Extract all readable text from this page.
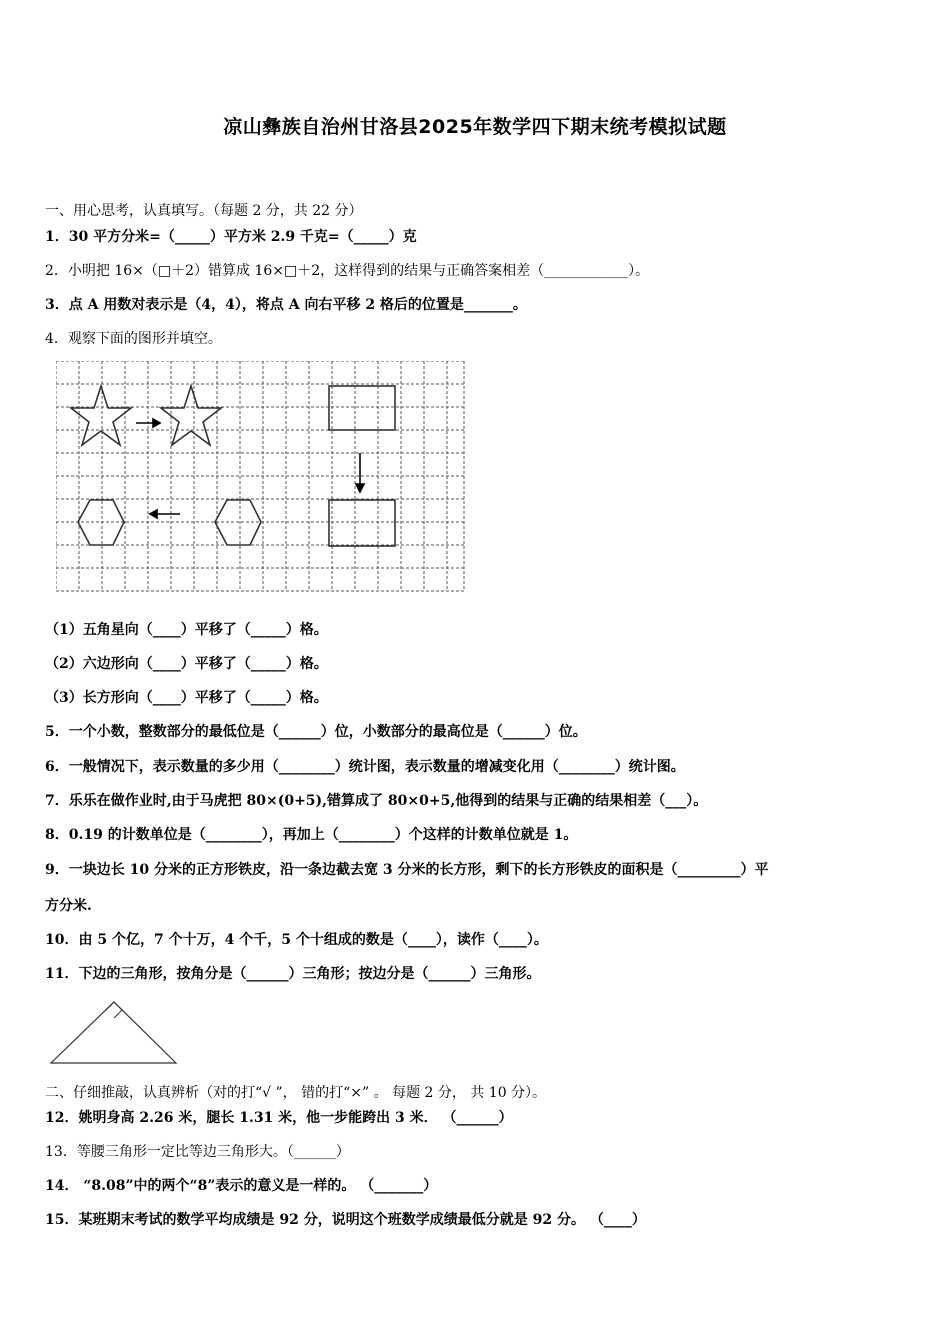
凉山彝族自治州甘洛县2025年数学四下期末统考模拟试题
一、用心思考，认真填写。（每题 2 分，共 22 分）
1．30 平方分米=（_____）平方米 2.9 千克=（_____）克
2．小明把 16×（□＋2）错算成 16×□＋2，这样得到的结果与正确答案相差（____________）。
3．点 A 用数对表示是（4，4），将点 A 向右平移 2 格后的位置是_______。
4．观察下面的图形并填空。
（1）五角星向（____）平移了（_____）格。
（2）六边形向（____）平移了（_____）格。
（3）长方形向（____）平移了（_____）格。
5．一个小数，整数部分的最低位是（______）位，小数部分的最高位是（______）位。
6．一般情况下，表示数量的多少用（________）统计图，表示数量的增减变化用（________）统计图。
7．乐乐在做作业时,由于马虎把 80×(0+5),错算成了 80×0+5,他得到的结果与正确的结果相差（___）。
8．0.19 的计数单位是（________），再加上（________）个这样的计数单位就是 1。
9．一块边长 10 分米的正方形铁皮，沿一条边截去宽 3 分米的长方形，剩下的长方形铁皮的面积是（_________）平
方分米.
10．由 5 个亿，7 个十万，4 个千，5 个十组成的数是（____），读作（____）。
11．下边的三角形，按角分是（______）三角形；按边分是（______）三角形。
二、仔细推敲，认真辨析（对的打“√ ”， 错的打“×” 。 每题 2 分， 共 10 分）。
12．姚明身高 2.26 米，腿长 1.31 米，他一步能跨出 3 米． （______）
13．等腰三角形一定比等边三角形大。（______）
14． “8.08”中的两个“8”表示的意义是一样的。 （_______）
15．某班期末考试的数学平均成绩是 92 分，说明这个班数学成绩最低分就是 92 分。 （____）
